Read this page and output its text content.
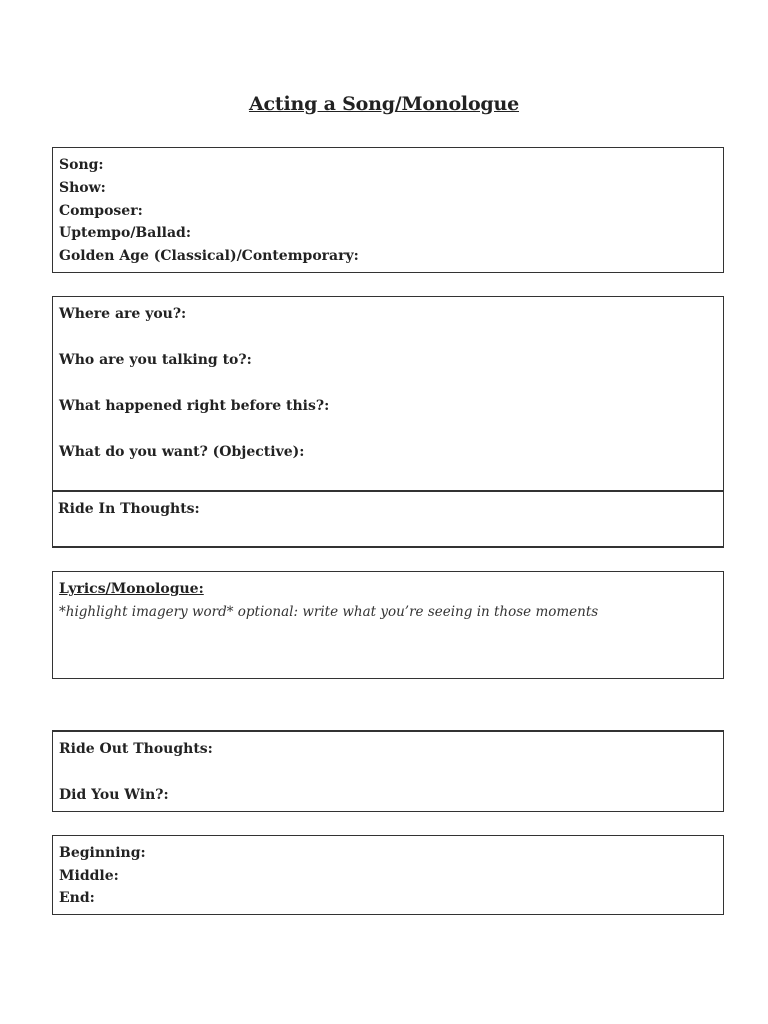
Acting a Song/Monologue
Song:
Show:
Composer:
Uptempo/Ballad:
Golden Age (Classical)/Contemporary:
Where are you?:
Who are you talking to?:
What happened right before this?:
What do you want? (Objective):
Ride In Thoughts:
Lyrics/Monologue:
*highlight imagery word* optional: write what you’re seeing in those moments
Ride Out Thoughts:
Did You Win?:
Beginning:
Middle:
End:
